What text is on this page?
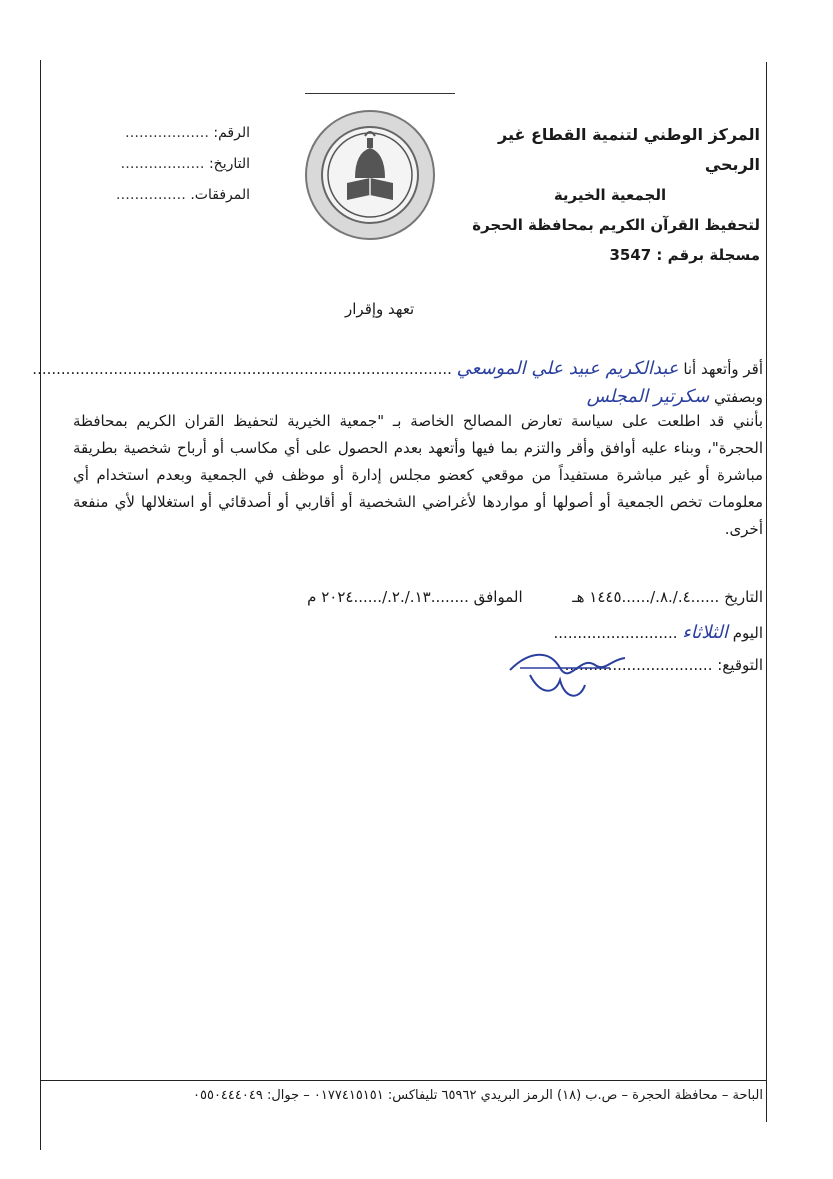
المركز الوطني لتنمية القطاع غير الربحي
الجمعية الخيرية
لتحفيظ القرآن الكريم بمحافظة الحجرة
مسجلة برقم : 3547
الرقم: ………………
التاريخ: ………………
المرفقات. ……………
تعهد وإقرار
أقر وأتعهد أنا عبدالكريم عبيد علي الموسعي ........................................................................................
وبصفتي سكرتير المجلس
بأنني قد اطلعت على سياسة تعارض المصالح الخاصة بـ "جمعية الخيرية لتحفيظ القران الكريم بمحافظة الحجرة"، وبناء عليه أوافق وأقر والتزم بما فيها وأتعهد بعدم الحصول على أي مكاسب أو أرباح شخصية بطريقة مباشرة أو غير مباشرة مستفيداً من موقعي كعضو مجلس إدارة أو موظف في الجمعية وبعدم استخدام أي معلومات تخص الجمعية أو أصولها أو مواردها لأغراضي الشخصية أو أقاربي أو أصدقائي أو استغلالها لأي منفعة أخرى.
التاريخ ......٤./.٨./......١٤٤٥ هـ  الموافق ........١٣./.٢./......٢٠٢٤ م
اليوم الثلاثاء ..........................
التوقيع: ...............................
الباحة – محافظة الحجرة – ص.ب (١٨) الرمز البريدي ٦٥٩٦٢ تليفاكس: ٠١٧٧٤١٥١٥١ – جوال: ٠٥٥٠٤٤٤٠٤٩
